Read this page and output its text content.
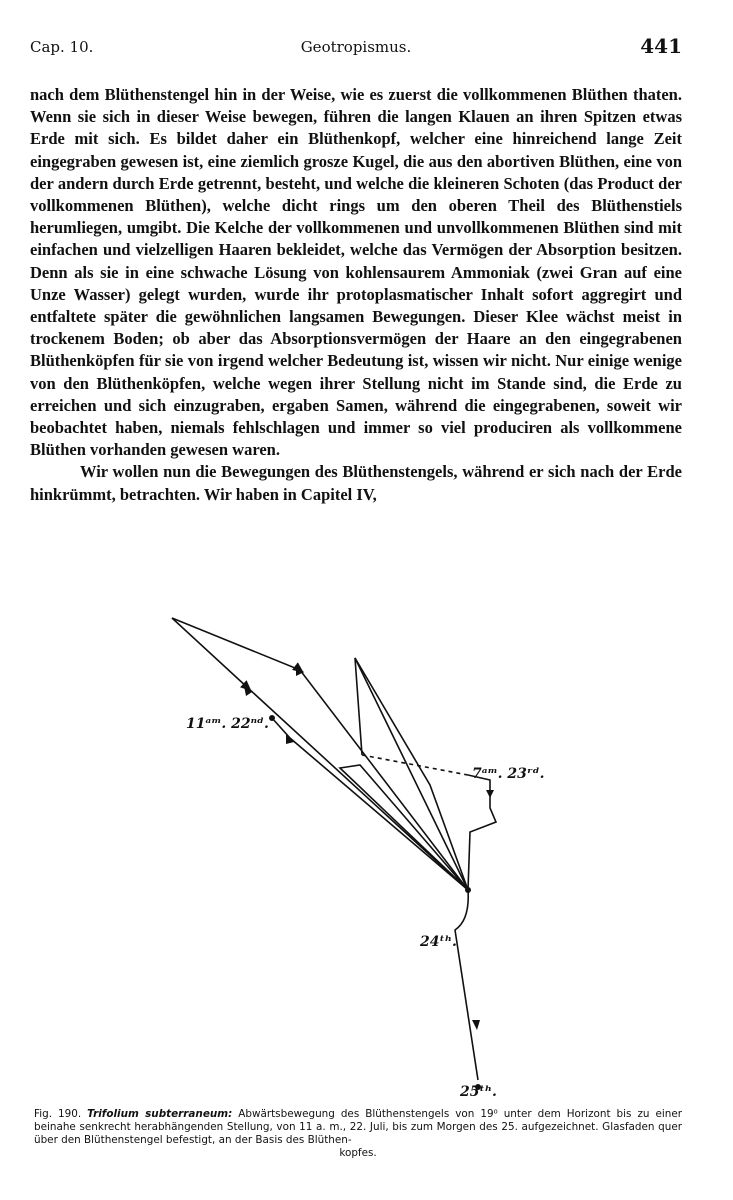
Cap. 10.	Geotropismus.	441

nach dem Blüthenstengel hin in der Weise, wie es zuerst die vollkommenen Blüthen thaten. Wenn sie sich in dieser Weise bewegen, führen die langen Klauen an ihren Spitzen etwas Erde mit sich. Es bildet daher ein Blüthenkopf, welcher eine hinreichend lange Zeit eingegraben gewesen ist, eine ziemlich grosze Kugel, die aus den abortiven Blüthen, eine von der andern durch Erde getrennt, besteht, und welche die kleineren Schoten (das Product der vollkommenen Blüthen), welche dicht rings um den oberen Theil des Blüthenstiels herumliegen, umgibt. Die Kelche der vollkommenen und unvollkommenen Blüthen sind mit einfachen und vielzelligen Haaren bekleidet, welche das Vermögen der Absorption besitzen. Denn als sie in eine schwache Lösung von kohlensaurem Ammoniak (zwei Gran auf eine Unze Wasser) gelegt wurden, wurde ihr protoplasmatischer Inhalt sofort aggregirt und entfaltete später die gewöhnlichen langsamen Bewegungen. Dieser Klee wächst meist in trockenem Boden; ob aber das Absorptionsvermögen der Haare an den eingegrabenen Blüthenköpfen für sie von irgend welcher Bedeutung ist, wissen wir nicht. Nur einige wenige von den Blüthenköpfen, welche wegen ihrer Stellung nicht im Stande sind, die Erde zu erreichen und sich einzugraben, ergaben Samen, während die eingegrabenen, soweit wir beobachtet haben, niemals fehlschlagen und immer so viel produciren als vollkommene Blüthen vorhanden gewesen waren.

Wir wollen nun die Bewegungen des Blüthenstengels, während er sich nach der Erde hinkrümmt, betrachten. Wir haben in Capitel IV,

11ᵃᵐ. 22ⁿᵈ.
7ᵃᵐ. 23ʳᵈ.
24ᵗʰ.
25ᵗʰ.
Fig. 190. Trifolium subterraneum: Abwärtsbewegung des Blüthenstengels von 19⁰ unter dem Horizont bis zu einer beinahe senkrecht herabhängenden Stellung, von 11 a. m., 22. Juli, bis zum Morgen des 25. aufgezeichnet. Glasfaden quer über den Blüthenstengel befestigt, an der Basis des Blüthen-
kopfes.
